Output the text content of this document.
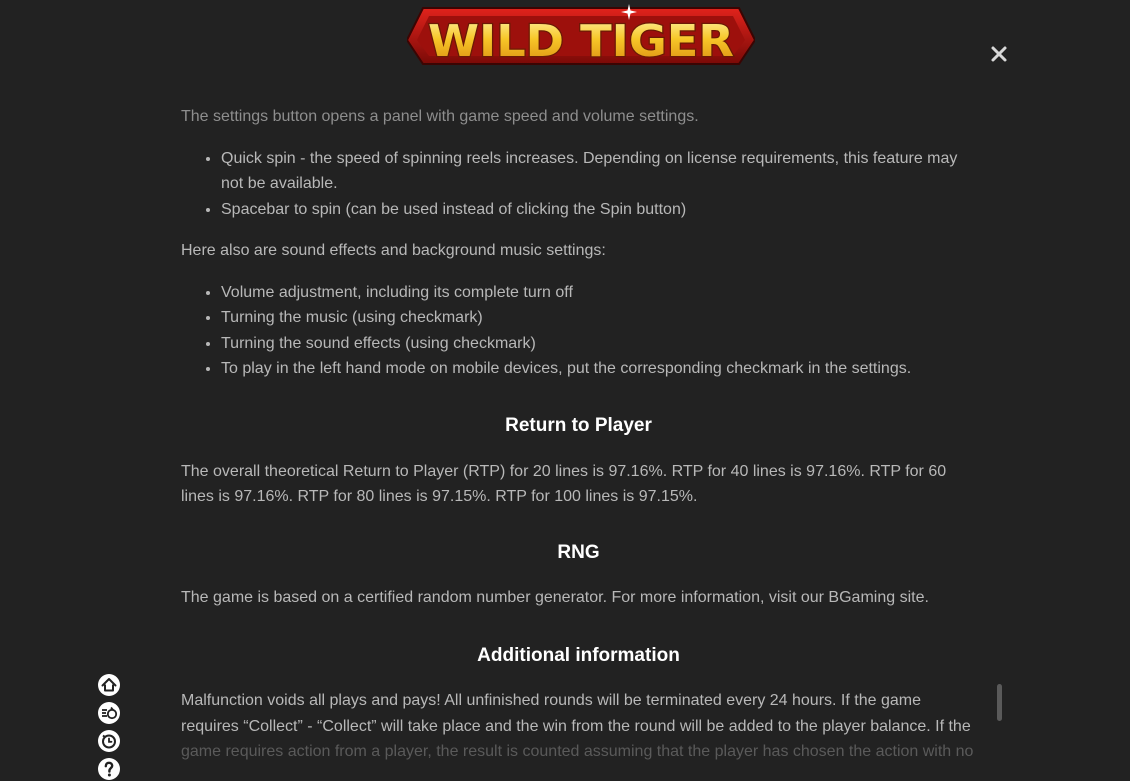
WILD TIGER

The settings button opens a panel with game speed and volume settings.

• Quick spin - the speed of spinning reels increases. Depending on license requirements, this feature may not be available.
• Spacebar to spin (can be used instead of clicking the Spin button)

Here also are sound effects and background music settings:

• Volume adjustment, including its complete turn off
• Turning the music (using checkmark)
• Turning the sound effects (using checkmark)
• To play in the left hand mode on mobile devices, put the corresponding checkmark in the settings.
Return to Player

The overall theoretical Return to Player (RTP) for 20 lines is 97.16%. RTP for 40 lines is 97.16%. RTP for 60 lines is 97.16%. RTP for 80 lines is 97.15%. RTP for 100 lines is 97.15%.

RNG

The game is based on a certified random number generator. For more information, visit our BGaming site.

Additional information

Malfunction voids all plays and pays! All unfinished rounds will be terminated every 24 hours. If the game requires “Collect” - “Collect” will take place and the win from the round will be added to the player balance. If the game requires action from a player, the result is counted assuming that the player has chosen the action with no
